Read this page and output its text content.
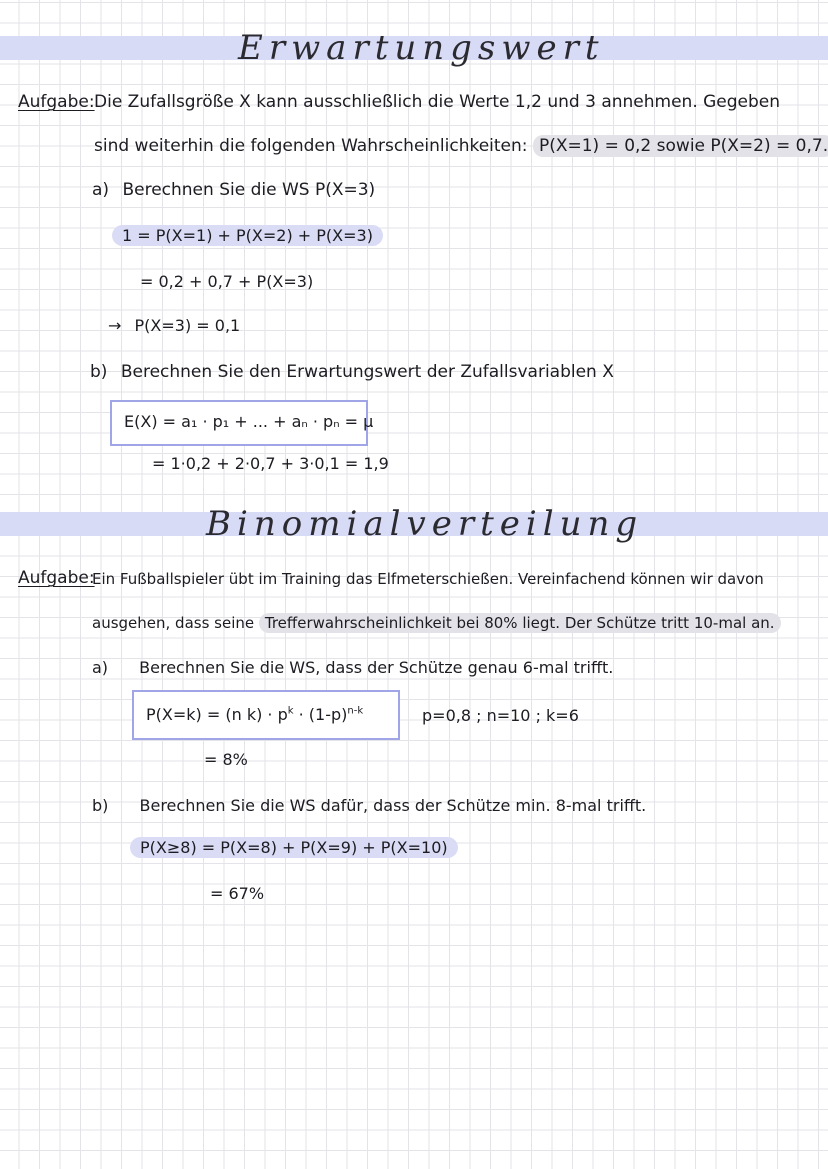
Erwartungswert
Aufgabe: Die Zufallsgröße X kann ausschließlich die Werte 1,2 und 3 annehmen. Gegeben
sind weiterhin die folgenden Wahrscheinlichkeiten: P(X=1) = 0,2 sowie P(X=2) = 0,7.
a) Berechnen Sie die WS P(X=3)
1 = P(X=1) + P(X=2) + P(X=3)
= 0,2 + 0,7 + P(X=3)
→ P(X=3) = 0,1
b) Berechnen Sie den Erwartungswert der Zufallsvariablen X
E(X) = a₁ · p₁ + ... + aₙ · pₙ = μ
= 1·0,2 + 2·0,7 + 3·0,1 = 1,9
Binomialverteilung
Aufgabe:
Ein Fußballspieler übt im Training das Elfmeterschießen. Vereinfachend können wir davon
ausgehen, dass seine Trefferwahrscheinlichkeit bei 80% liegt. Der Schütze tritt 10-mal an.
a) Berechnen Sie die WS, dass der Schütze genau 6-mal trifft.
P(X=k) = (n $k) \cdot p^k \cdot (1-p)^{n-k}$	p=0,8 ; n=10 ; k=6
= 8%
b) Berechnen Sie die WS dafür, dass der Schütze min. 8-mal trifft.
P(X≥8) = P(X=8) + P(X=9) + P(X=10)
= 67%
